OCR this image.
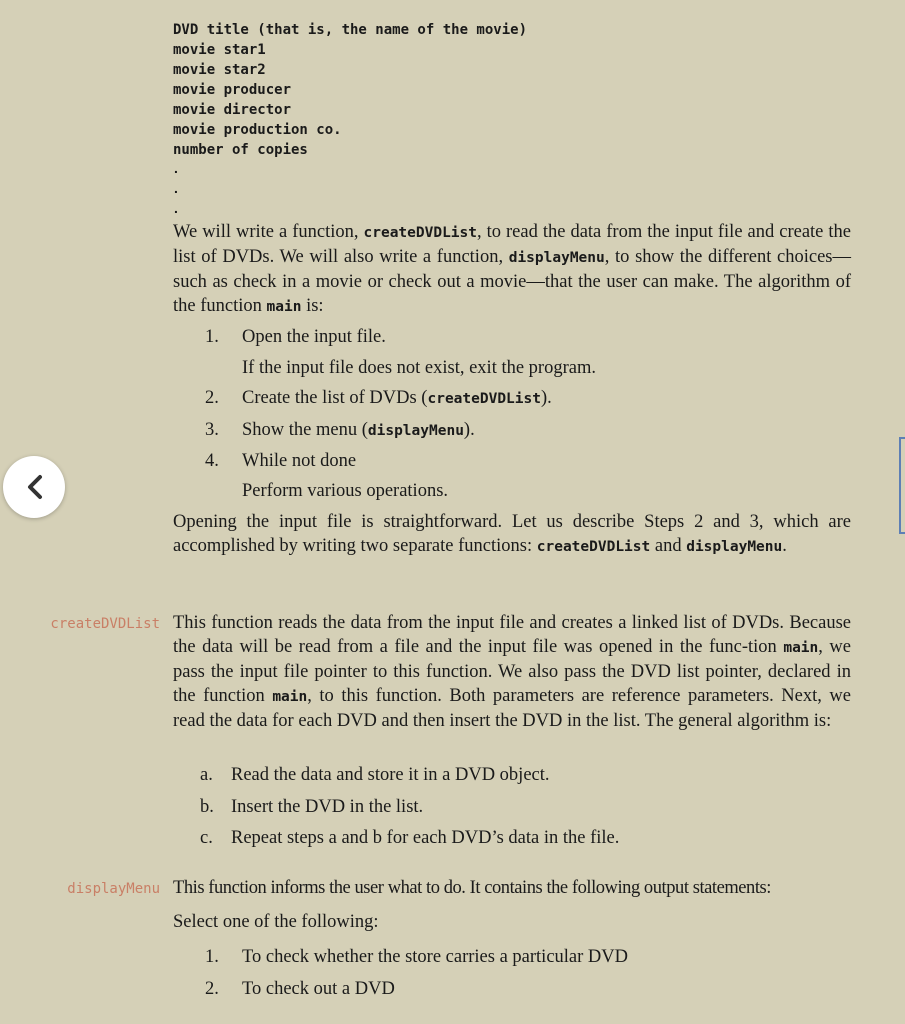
DVD title (that is, the name of the movie)
movie star1
movie star2
movie producer
movie director
movie production co.
number of copies
.
.
.
We will write a function, createDVDList, to read the data from the input file and create the list of DVDs. We will also write a function, displayMenu, to show the different choices—such as check in a movie or check out a movie—that the user can make. The algorithm of the function main is:
1.	Open the input file.
If the input file does not exist, exit the program.
2.	Create the list of DVDs (createDVDList).
3.	Show the menu (displayMenu).
4.	While not done
Perform various operations.
Opening the input file is straightforward. Let us describe Steps 2 and 3, which are accomplished by writing two separate functions: createDVDList and displayMenu.
createDVDList This function reads the data from the input file and creates a linked list of DVDs. Because the data will be read from a file and the input file was opened in the func-tion main, we pass the input file pointer to this function. We also pass the DVD list pointer, declared in the function main, to this function. Both parameters are reference parameters. Next, we read the data for each DVD and then insert the DVD in the list. The general algorithm is:
a. Read the data and store it in a DVD object.
b. Insert the DVD in the list.
c. Repeat steps a and b for each DVD’s data in the file.
displayMenu This function informs the user what to do. It contains the following output statements:
Select one of the following:
1.	To check whether the store carries a particular DVD
2.	To check out a DVD
